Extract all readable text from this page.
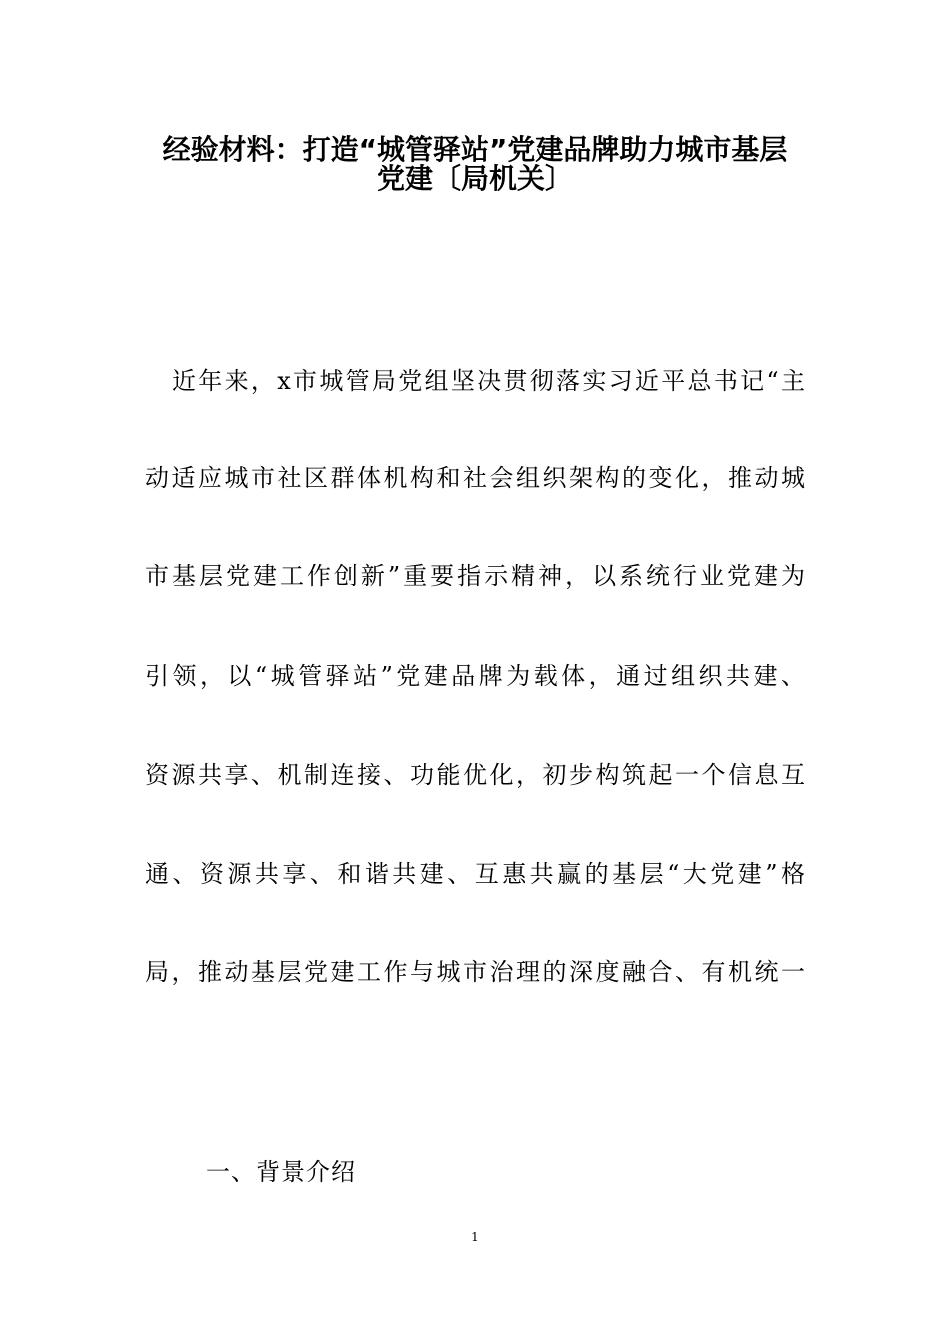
经验材料：打造“城管驿站”党建品牌助力城市基层
党建〔局机关〕
近年来，x市城管局党组坚决贯彻落实习近平总书记“主
动适应城市社区群体机构和社会组织架构的变化，推动城
市基层党建工作创新”重要指示精神，以系统行业党建为
引领，以“城管驿站”党建品牌为载体，通过组织共建、
资源共享、机制连接、功能优化，初步构筑起一个信息互
通、资源共享、和谐共建、互惠共赢的基层“大党建”格
局，推动基层党建工作与城市治理的深度融合、有机统一
一、背景介绍
1
